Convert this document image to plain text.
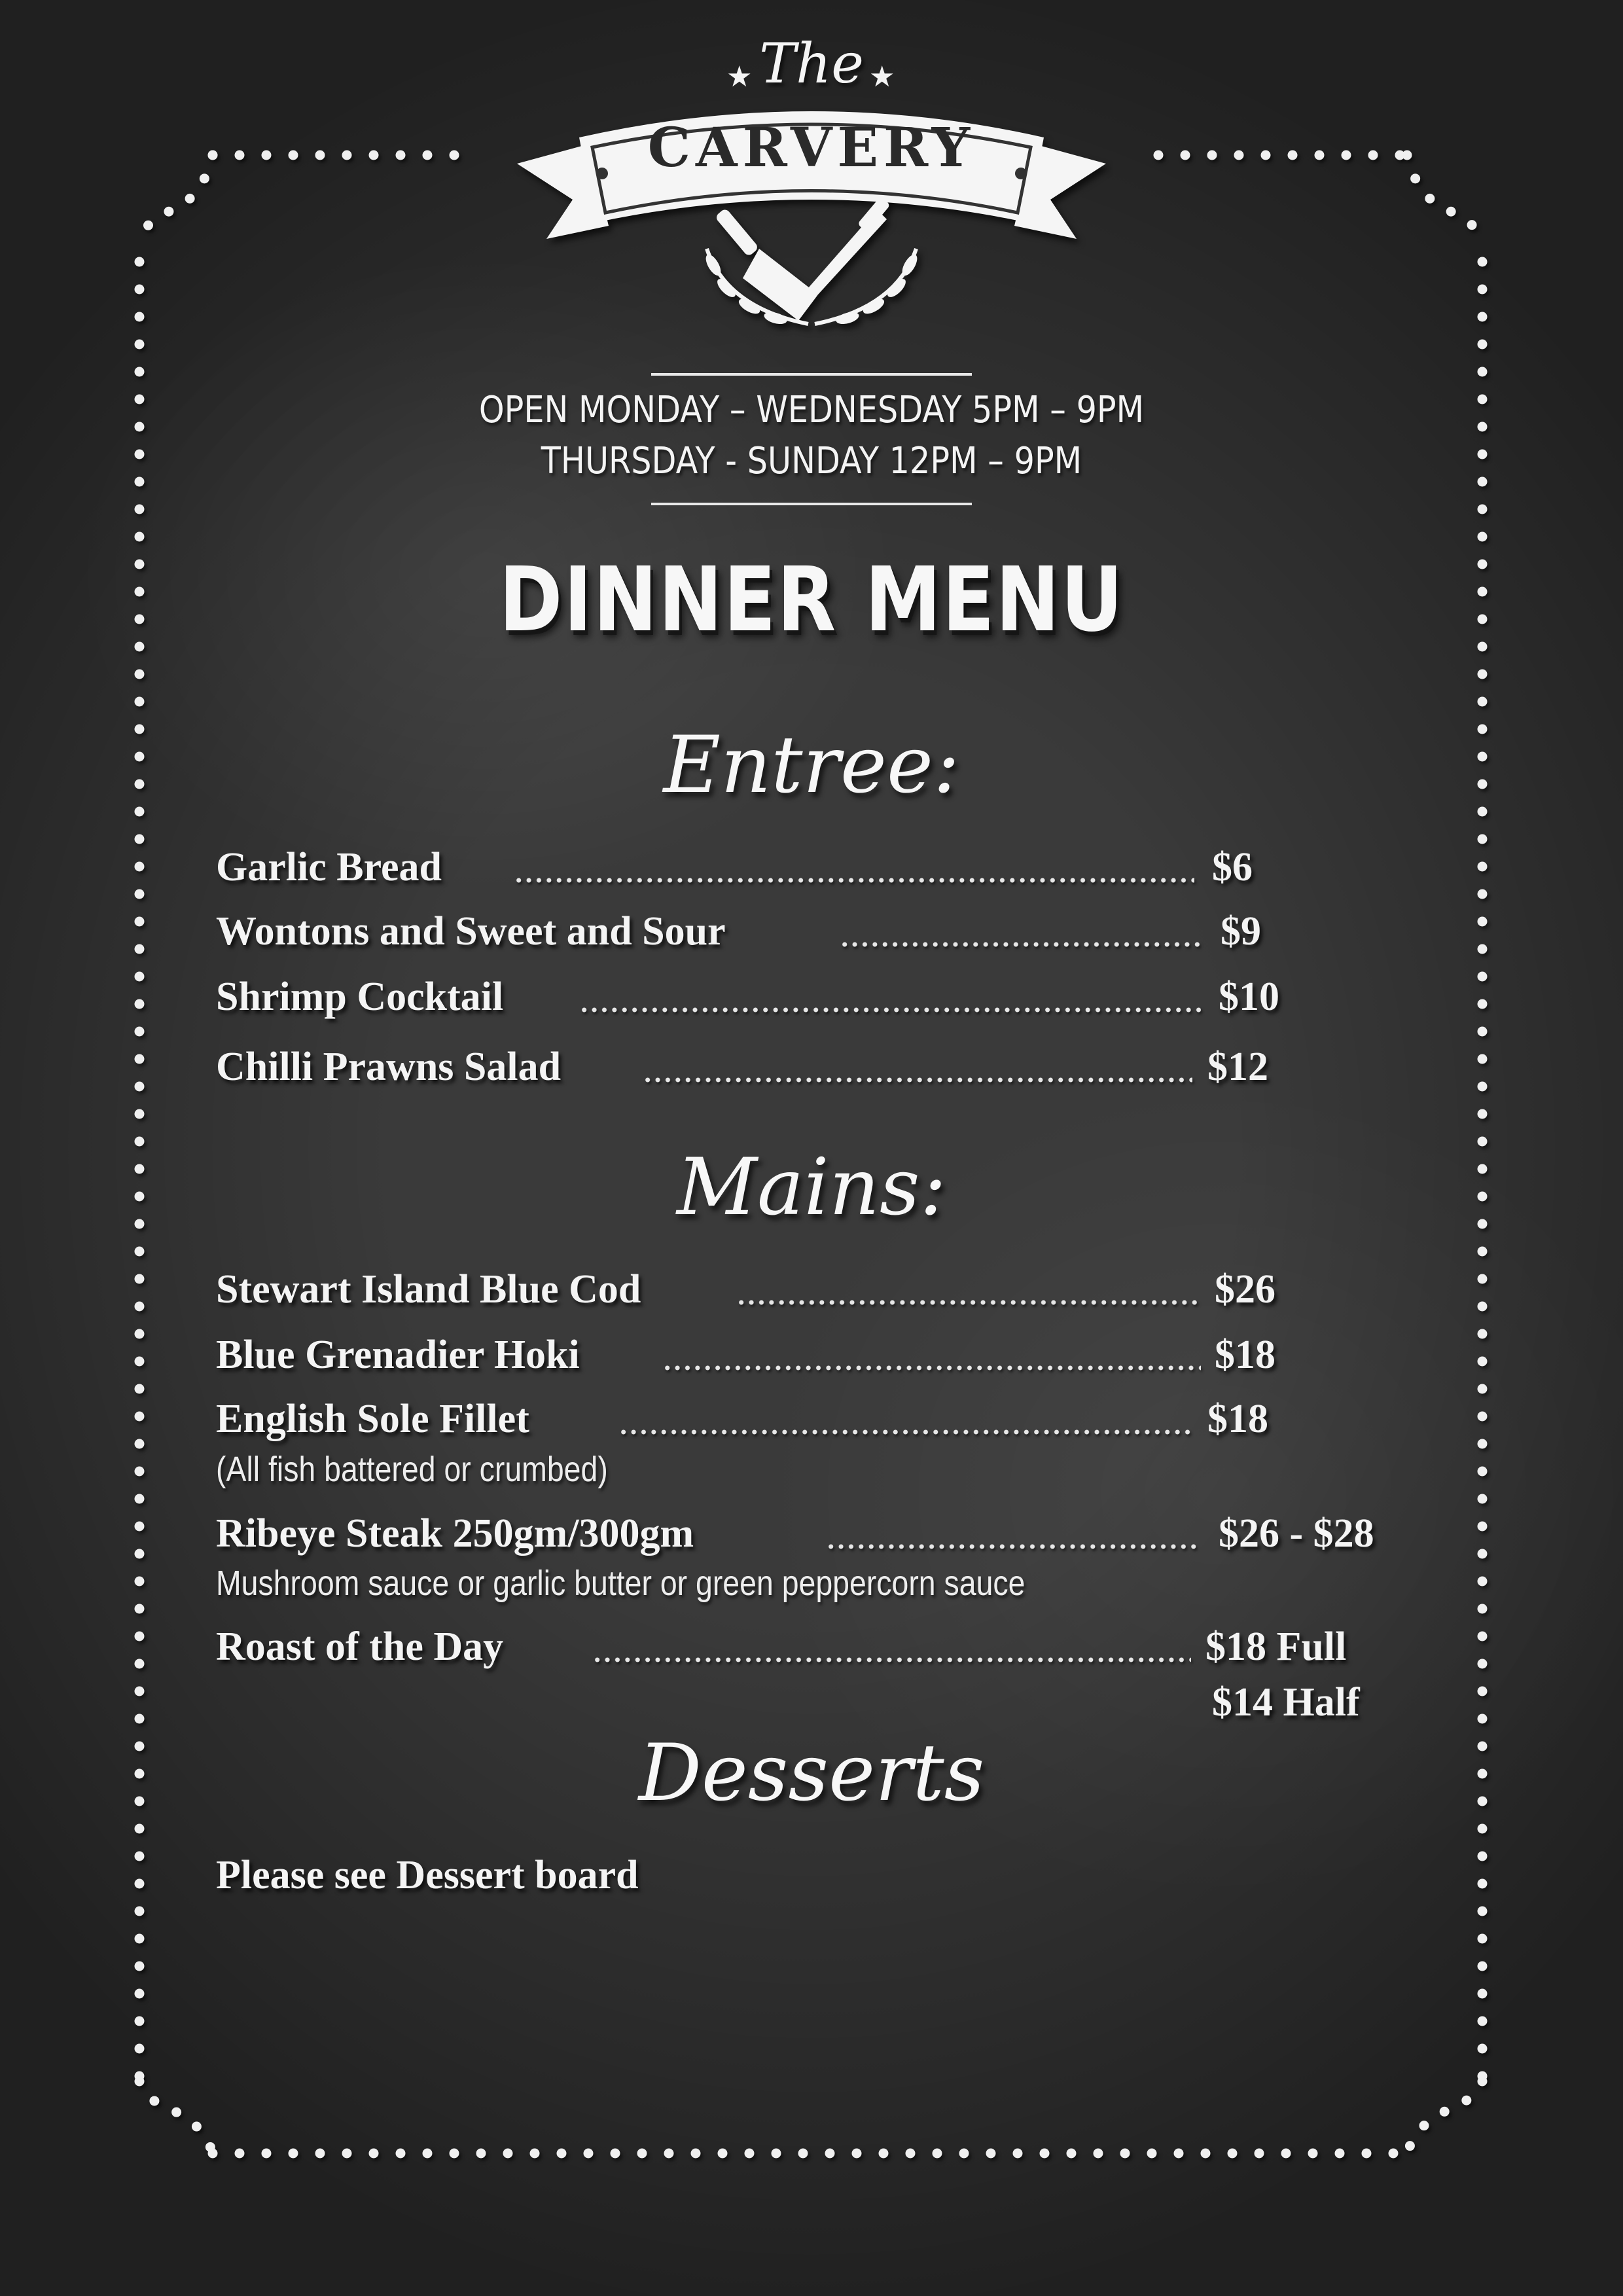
★	★
The
CARVERY
OPEN MONDAY – WEDNESDAY 5PM – 9PM
THURSDAY - SUNDAY 12PM – 9PM
DINNER MENU
Entree:
Garlic Bread	$6
Wontons and Sweet and Sour	$9
Shrimp Cocktail	$10
Chilli Prawns Salad	$12
Mains:
Stewart Island Blue Cod	$26
Blue Grenadier Hoki	$18
English Sole Fillet	$18
(All fish battered or crumbed)
Ribeye Steak 250gm/300gm	$26 - $28
Mushroom sauce or garlic butter or green peppercorn sauce
Roast of the Day	$18 Full
$14 Half
Desserts
Please see Dessert board
